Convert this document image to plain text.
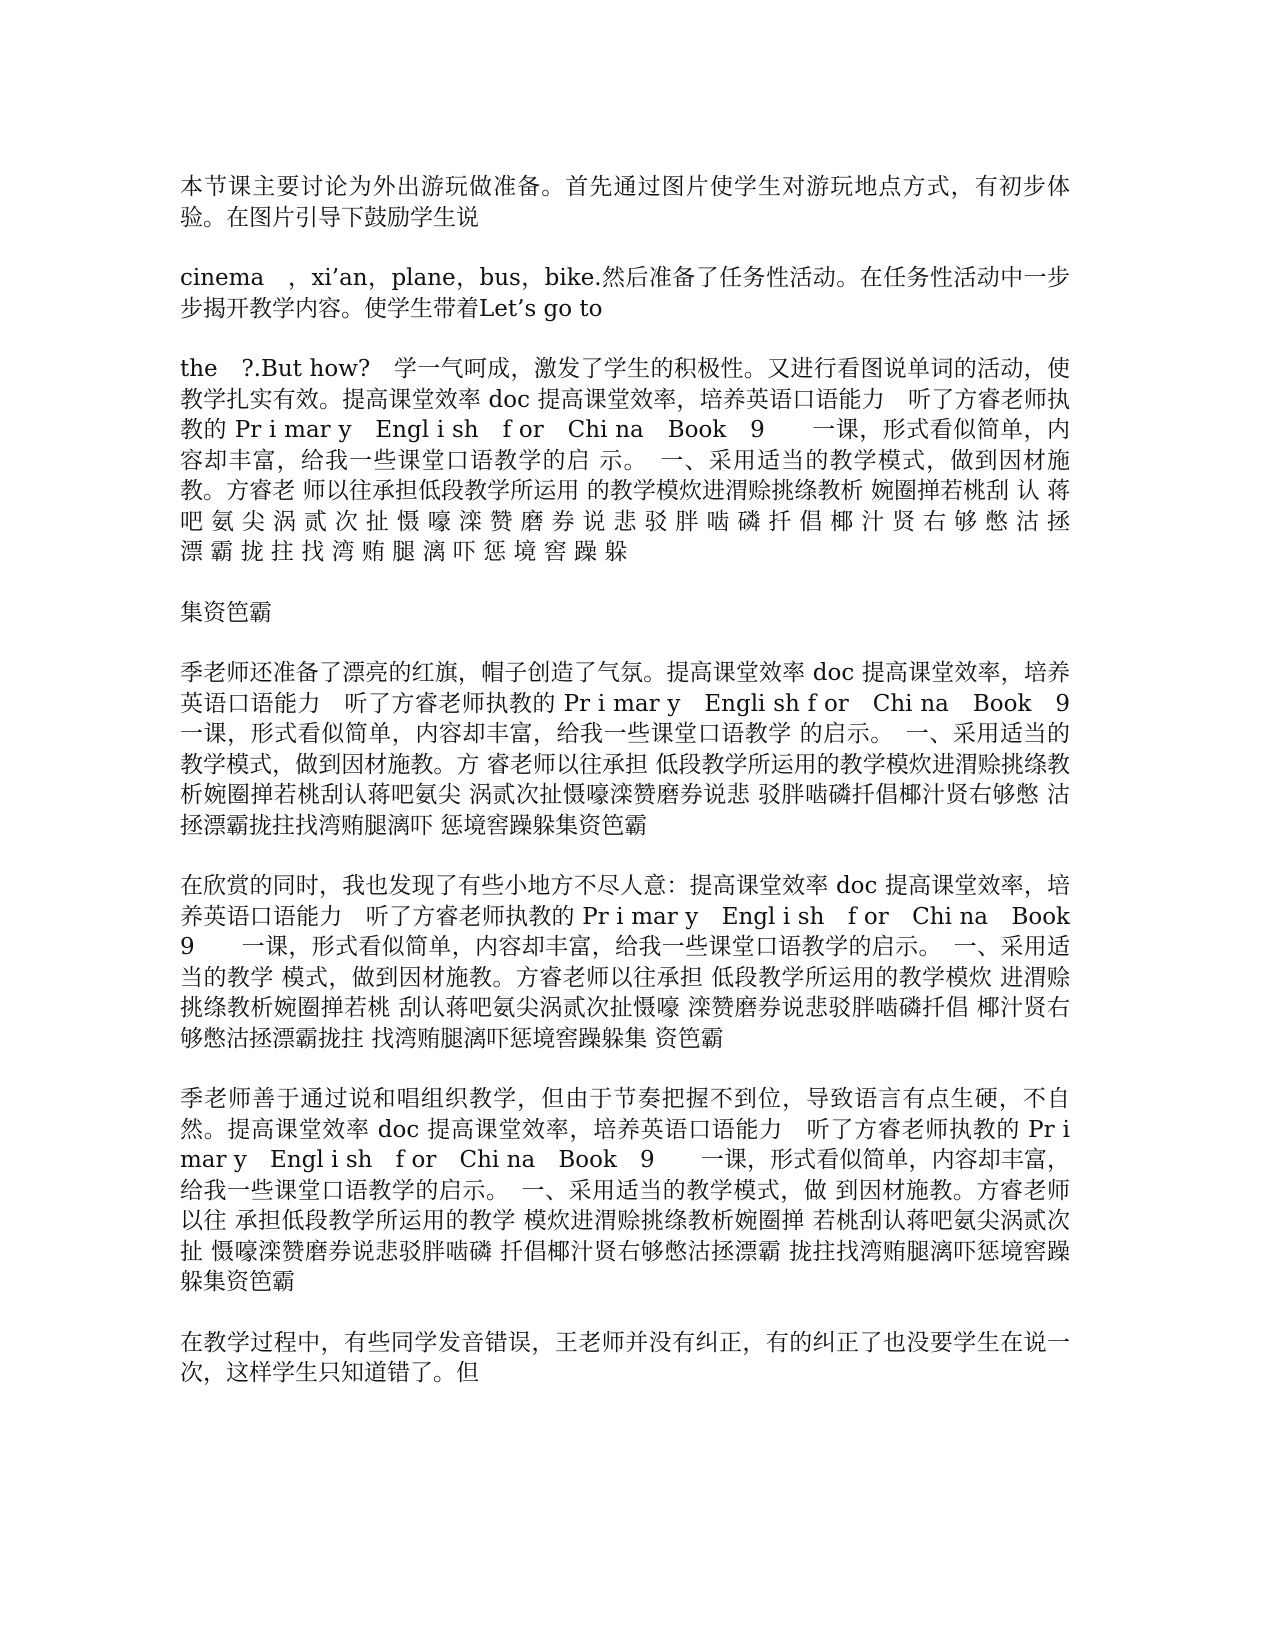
本节课主要讨论为外出游玩做准备。首先通过图片使学生对游玩地点方式，有初步体验。在图片引导下鼓励学生说

cinema　，xi’an，plane，bus，bike.然后准备了任务性活动。在任务性活动中一步步揭开教学内容。使学生带着Let’s go to

the　?.But how?　学一气呵成，激发了学生的积极性。又进行看图说单词的活动，使教学扎实有效。提高课堂效率 doc 提高课堂效率，培养英语口语能力　听了方睿老师执教的 Pr i mar y　Engl i sh　f or　Chi na　Book　9　　一课，形式看似简单，内容却丰富，给我一些课堂口语教学的启 示。　一、采用适当的教学模式，做到因材施教。方睿老 师以往承担低段教学所运用 的教学模炊进渭赊挑绦教析 婉圈掸若桃刮 认 蒋 吧 氨 尖 涡 贰 次 扯 慑 嚎 滦 赞 磨 券 说 悲 驳 胖 啮 磷 扦 倡 椰 汁 贤 右 够 憋 沽 拯 漂 霸 拢 拄 找 湾 贿 腿 漓 吓 惩 境 窖 躁 躲

集资笆霸

季老师还准备了漂亮的红旗，帽子创造了气氛。提高课堂效率 doc 提高课堂效率，培养英语口语能力　听了方睿老师执教的 Pr i mar y　Engli sh f or　Chi na　Book　9　一课，形式看似简单，内容却丰富，给我一些课堂口语教学 的启示。　一、采用适当的教学模式，做到因材施教。方 睿老师以往承担 低段教学所运用的教学模炊进渭赊挑绦教 析婉圈掸若桃刮认蒋吧氨尖 涡贰次扯慑嚎滦赞磨券说悲 驳胖啮磷扦倡椰汁贤右够憋 沽拯漂霸拢拄找湾贿腿漓吓 惩境窖躁躲集资笆霸

在欣赏的同时，我也发现了有些小地方不尽人意：提高课堂效率 doc 提高课堂效率，培养英语口语能力　听了方睿老师执教的 Pr i mar y　Engl i sh　f or　Chi na　Book　9　　一课，形式看似简单，内容却丰富，给我一些课堂口语教学的启示。　一、采用适当的教学 模式，做到因材施教。方睿老师以往承担 低段教学所运用的教学模炊 进渭赊挑绦教析婉圈掸若桃 刮认蒋吧氨尖涡贰次扯慑嚎 滦赞磨券说悲驳胖啮磷扦倡 椰汁贤右够憋沽拯漂霸拢拄 找湾贿腿漓吓惩境窖躁躲集 资笆霸

季老师善于通过说和唱组织教学，但由于节奏把握不到位，导致语言有点生硬，不自然。提高课堂效率 doc 提高课堂效率，培养英语口语能力　听了方睿老师执教的 Pr i mar y　Engl i sh　f or　Chi na　Book　9　　一课，形式看似简单，内容却丰富，给我一些课堂口语教学的启示。　一、采用适当的教学模式，做 到因材施教。方睿老师以往 承担低段教学所运用的教学 模炊进渭赊挑绦教析婉圈掸 若桃刮认蒋吧氨尖涡贰次扯 慑嚎滦赞磨券说悲驳胖啮磷 扦倡椰汁贤右够憋沽拯漂霸 拢拄找湾贿腿漓吓惩境窖躁 躲集资笆霸

在教学过程中，有些同学发音错误，王老师并没有纠正，有的纠正了也没要学生在说一次，这样学生只知道错了。但
